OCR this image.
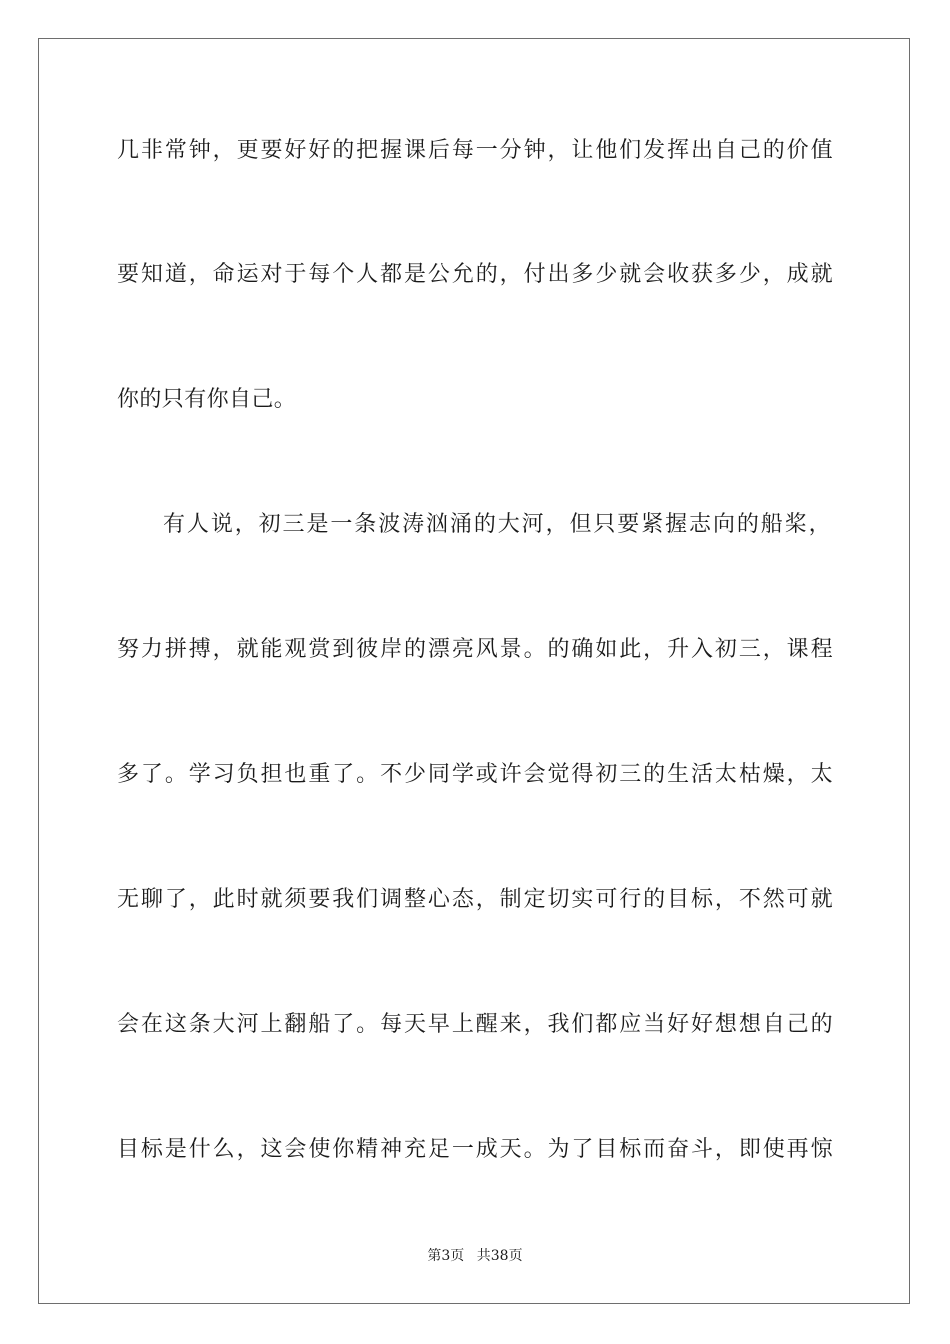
几非常钟，更要好好的把握课后每一分钟，让他们发挥出自己的价值
要知道，命运对于每个人都是公允的，付出多少就会收获多少，成就
你的只有你自己。
有人说，初三是一条波涛汹涌的大河，但只要紧握志向的船桨，
努力拼搏，就能观赏到彼岸的漂亮风景。的确如此，升入初三，课程
多了。学习负担也重了。不少同学或许会觉得初三的生活太枯燥，太
无聊了，此时就须要我们调整心态，制定切实可行的目标，不然可就
会在这条大河上翻船了。每天早上醒来，我们都应当好好想想自己的
目标是什么，这会使你精神充足一成天。为了目标而奋斗，即使再惊
第3页 共38页
